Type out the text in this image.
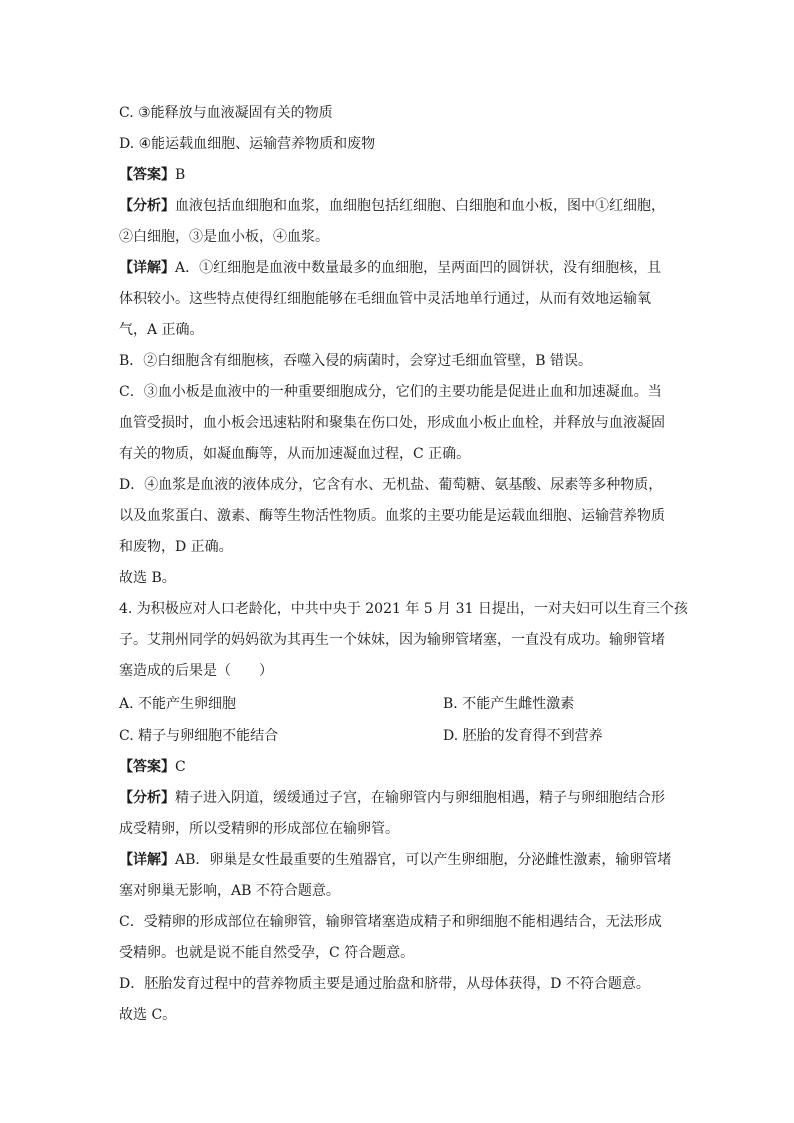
C. ③能释放与血液凝固有关的物质
D. ④能运载血细胞、运输营养物质和废物
【答案】B
【分析】血液包括血细胞和血浆，血细胞包括红细胞、白细胞和血小板，图中①红细胞，
②白细胞，③是血小板，④血浆。
【详解】A．①红细胞是血液中数量最多的血细胞，呈两面凹的圆饼状，没有细胞核，且
体积较小。这些特点使得红细胞能够在毛细血管中灵活地单行通过，从而有效地运输氧
气，A 正确。
B．②白细胞含有细胞核，吞噬入侵的病菌时，会穿过毛细血管壁，B 错误。
C．③血小板是血液中的一种重要细胞成分，它们的主要功能是促进止血和加速凝血。当
血管受损时，血小板会迅速粘附和聚集在伤口处，形成血小板止血栓，并释放与血液凝固
有关的物质，如凝血酶等，从而加速凝血过程，C 正确。
D．④血浆是血液的液体成分，它含有水、无机盐、葡萄糖、氨基酸、尿素等多种物质，
以及血浆蛋白、激素、酶等生物活性物质。血浆的主要功能是运载血细胞、运输营养物质
和废物，D 正确。
故选 B。
4. 为积极应对人口老龄化，中共中央于 2021 年 5 月 31 日提出，一对夫妇可以生育三个孩
子。艾荆州同学的妈妈欲为其再生一个妹妹，因为输卵管堵塞，一直没有成功。输卵管堵
塞造成的后果是（　　）
A. 不能产生卵细胞	B. 不能产生雌性激素
C. 精子与卵细胞不能结合	D. 胚胎的发育得不到营养
【答案】C
【分析】精子进入阴道，缓缓通过子宫，在输卵管内与卵细胞相遇，精子与卵细胞结合形
成受精卵，所以受精卵的形成部位在输卵管。
【详解】AB．卵巢是女性最重要的生殖器官，可以产生卵细胞，分泌雌性激素，输卵管堵
塞对卵巢无影响，AB 不符合题意。
C．受精卵的形成部位在输卵管，输卵管堵塞造成精子和卵细胞不能相遇结合，无法形成
受精卵。也就是说不能自然受孕，C 符合题意。
D．胚胎发育过程中的营养物质主要是通过胎盘和脐带，从母体获得，D 不符合题意。
故选 C。
